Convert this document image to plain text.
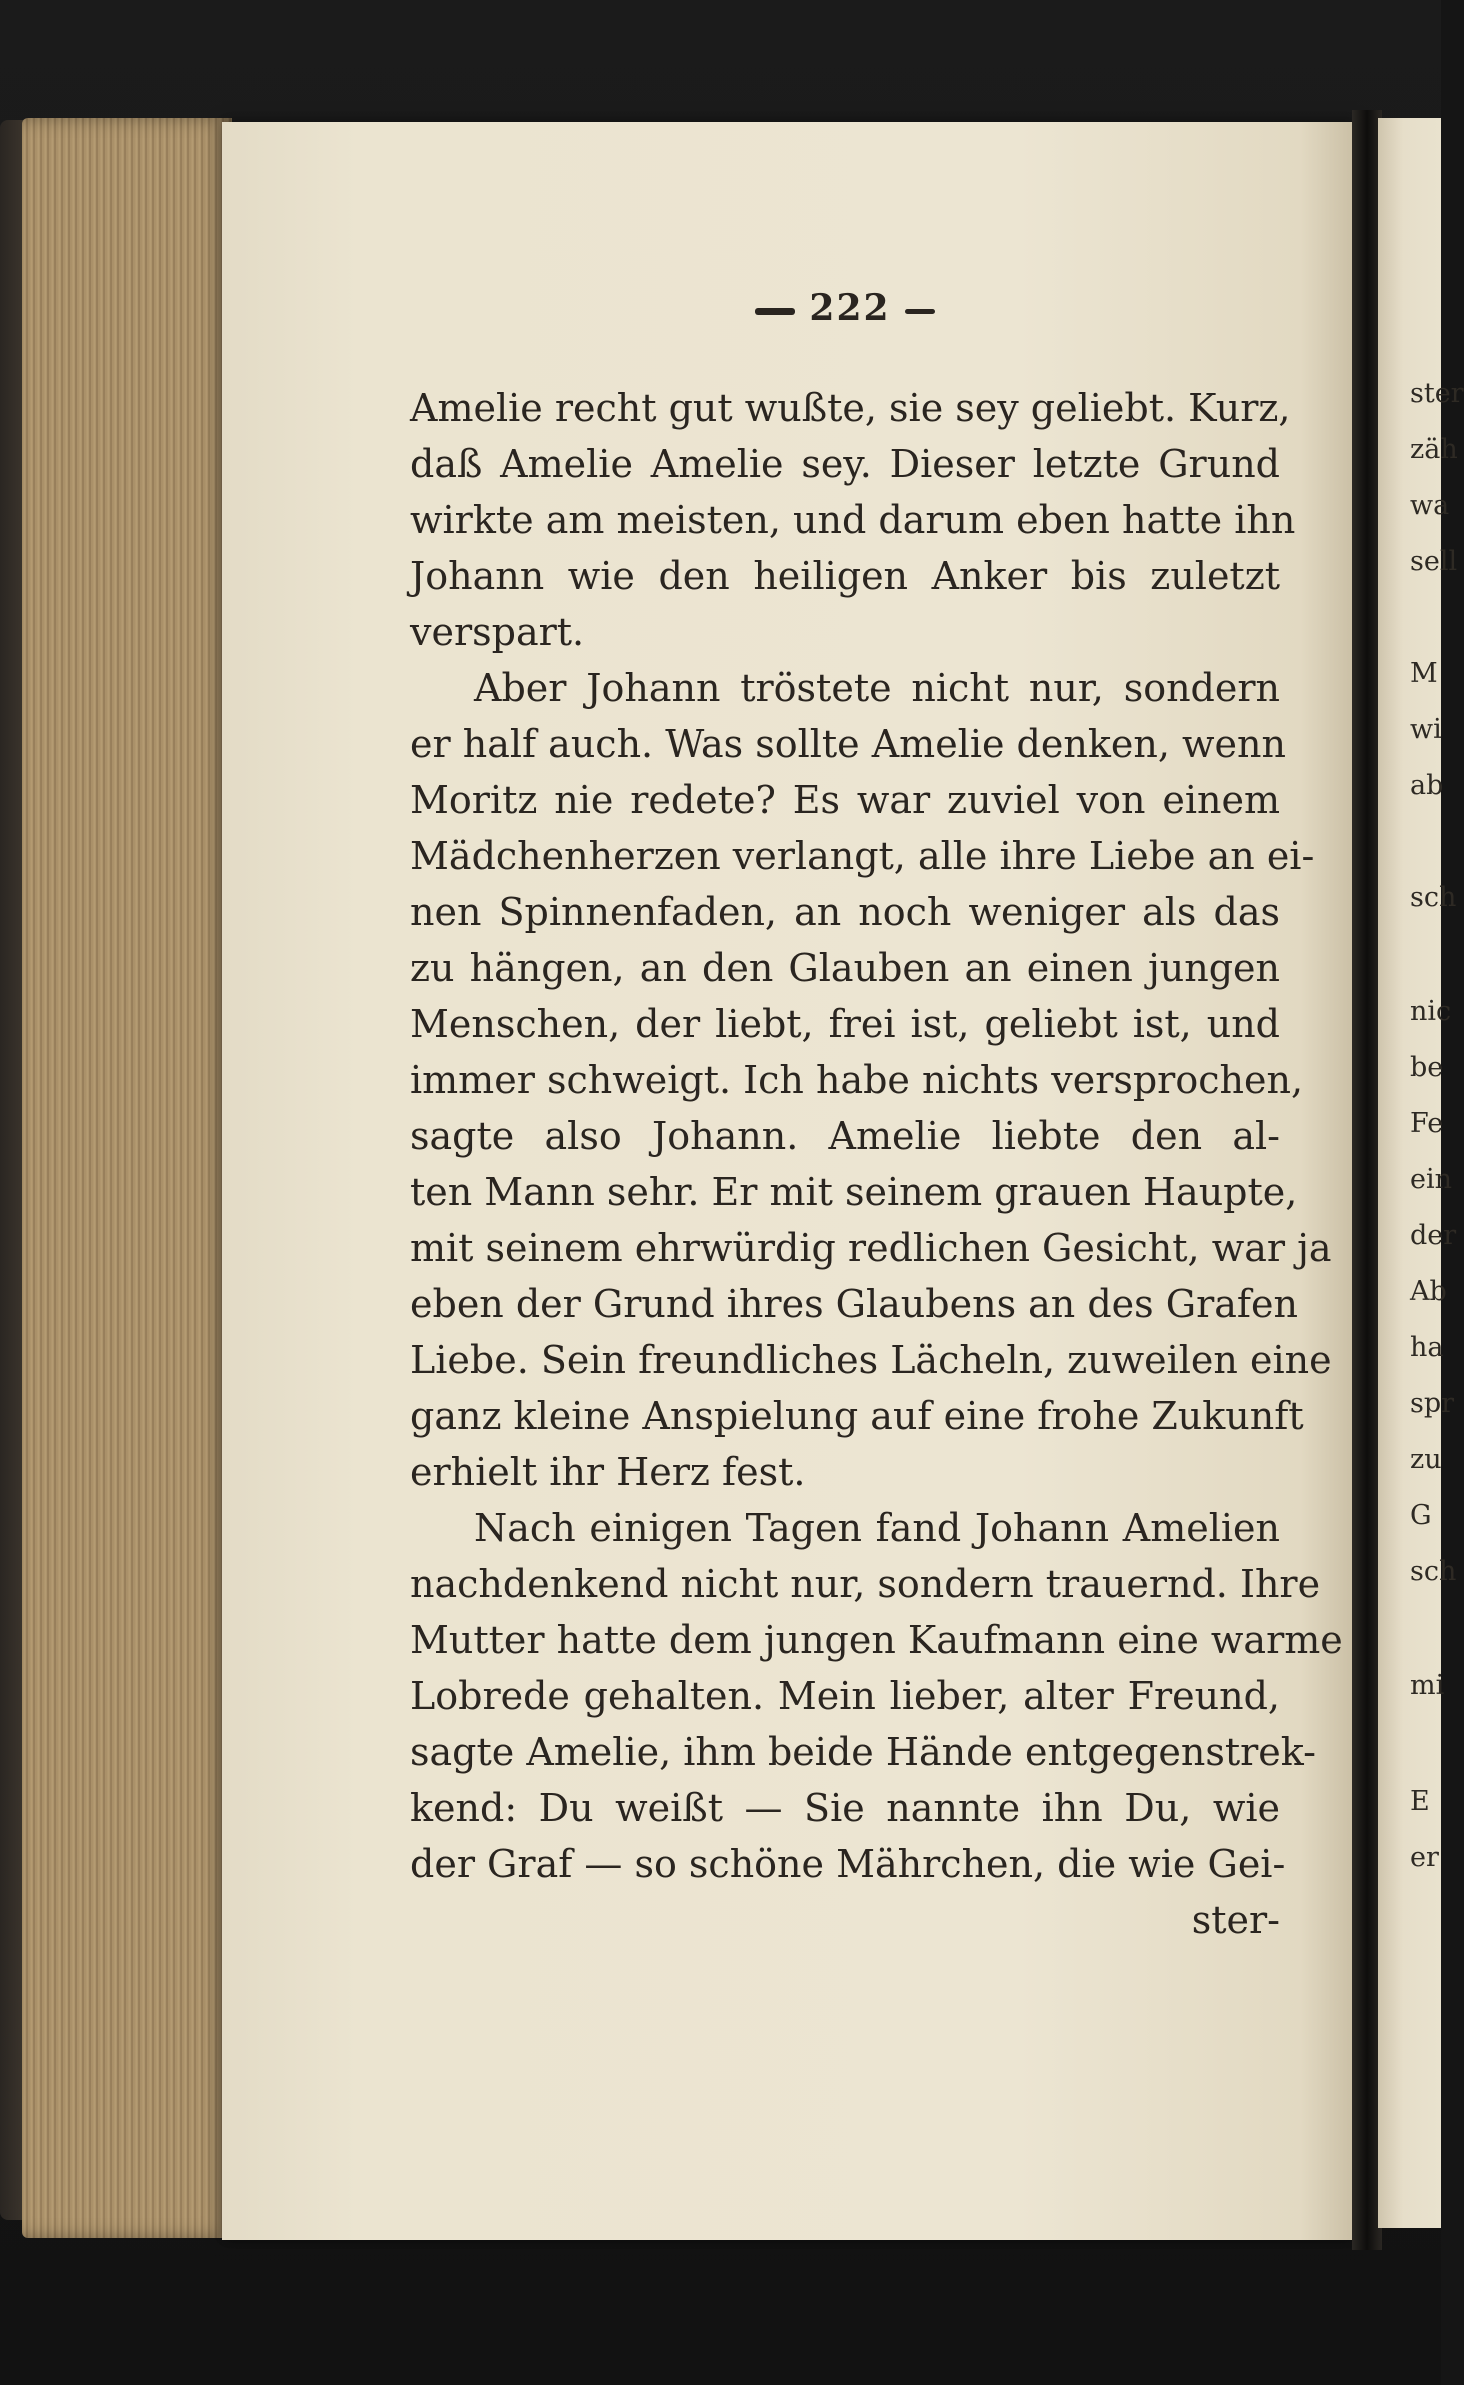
222
Amelie recht gut wußte, sie sey geliebt. Kurz,
daß Amelie Amelie sey. Dieser letzte Grund
wirkte am meisten, und darum eben hatte ihn
Johann wie den heiligen Anker bis zuletzt
verspart.
Aber Johann tröstete nicht nur, sondern
er half auch. Was sollte Amelie denken, wenn
Moritz nie redete? Es war zuviel von einem
Mädchenherzen verlangt, alle ihre Liebe an ei-
nen Spinnenfaden, an noch weniger als das
zu hängen, an den Glauben an einen jungen
Menschen, der liebt, frei ist, geliebt ist, und
immer schweigt. Ich habe nichts versprochen,
sagte also Johann. Amelie liebte den al-
ten Mann sehr. Er mit seinem grauen Haupte,
mit seinem ehrwürdig redlichen Gesicht, war ja
eben der Grund ihres Glaubens an des Grafen
Liebe. Sein freundliches Lächeln, zuweilen eine
ganz kleine Anspielung auf eine frohe Zukunft
erhielt ihr Herz fest.
Nach einigen Tagen fand Johann Amelien
nachdenkend nicht nur, sondern trauernd. Ihre
Mutter hatte dem jungen Kaufmann eine warme
Lobrede gehalten. Mein lieber, alter Freund,
sagte Amelie, ihm beide Hände entgegenstrek-
kend: Du weißt — Sie nannte ihn Du, wie
der Graf — so schöne Mährchen, die wie Gei-
ster-
ster
zäh
wa
sell
M
wi
ab
sch
nic
be
Fe
ein
der
Ab
ha
spr
zu
G
sch
mi
E
er
